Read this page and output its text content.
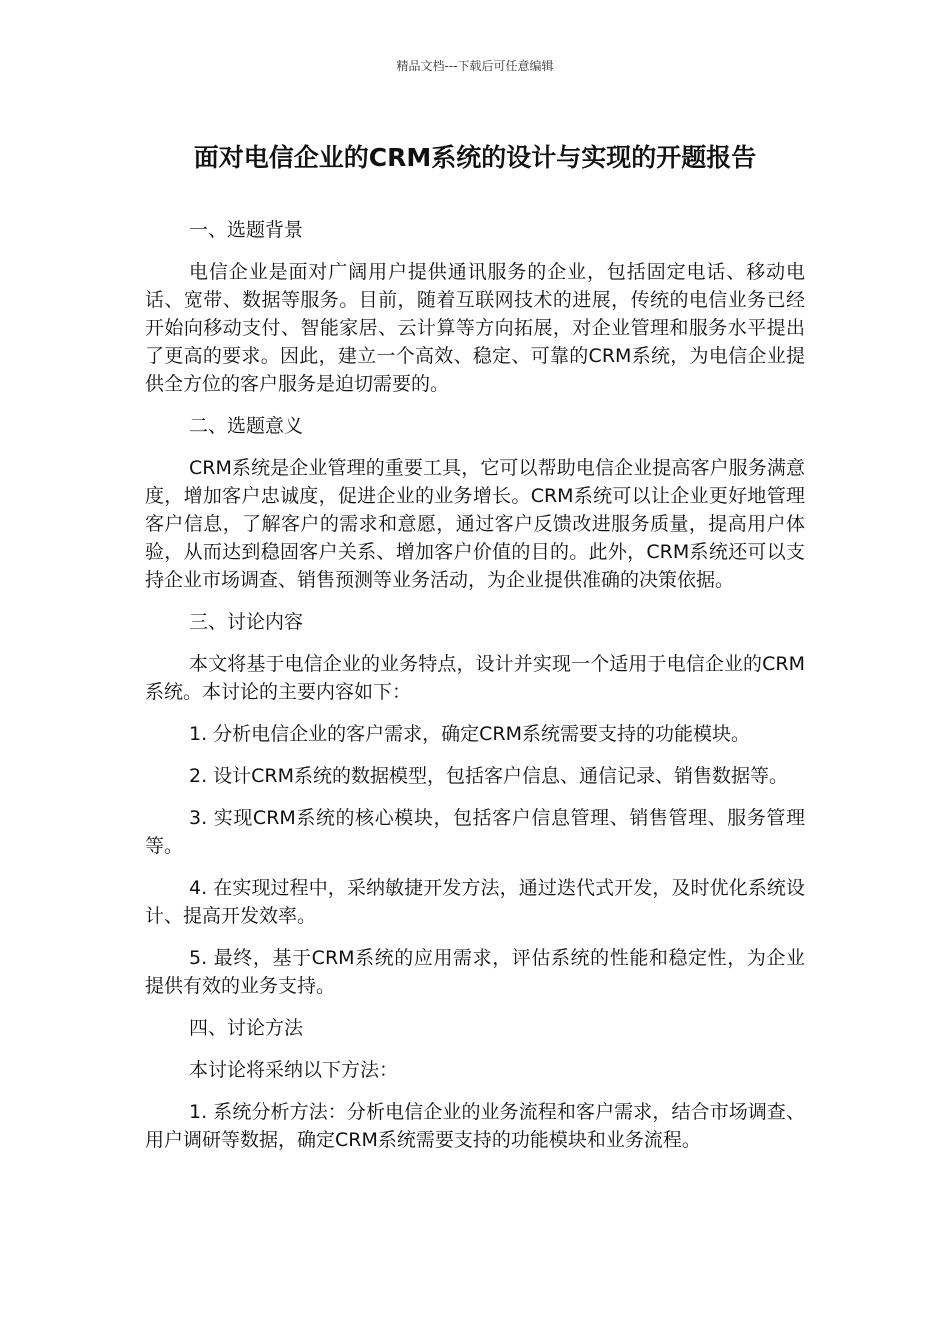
精品文档---下载后可任意编辑
面对电信企业的CRM系统的设计与实现的开题报告

一、选题背景

电信企业是面对广阔用户提供通讯服务的企业，包括固定电话、移动电话、宽带、数据等服务。目前，随着互联网技术的进展，传统的电信业务已经开始向移动支付、智能家居、云计算等方向拓展，对企业管理和服务水平提出了更高的要求。因此，建立一个高效、稳定、可靠的CRM系统，为电信企业提供全方位的客户服务是迫切需要的。

二、选题意义

CRM系统是企业管理的重要工具，它可以帮助电信企业提高客户服务满意度，增加客户忠诚度，促进企业的业务增长。CRM系统可以让企业更好地管理客户信息，了解客户的需求和意愿，通过客户反馈改进服务质量，提高用户体验，从而达到稳固客户关系、增加客户价值的目的。此外，CRM系统还可以支持企业市场调查、销售预测等业务活动，为企业提供准确的决策依据。

三、讨论内容

本文将基于电信企业的业务特点，设计并实现一个适用于电信企业的CRM系统。本讨论的主要内容如下：

1. 分析电信企业的客户需求，确定CRM系统需要支持的功能模块。

2. 设计CRM系统的数据模型，包括客户信息、通信记录、销售数据等。

3. 实现CRM系统的核心模块，包括客户信息管理、销售管理、服务管理等。

4. 在实现过程中，采纳敏捷开发方法，通过迭代式开发，及时优化系统设计、提高开发效率。

5. 最终，基于CRM系统的应用需求，评估系统的性能和稳定性，为企业提供有效的业务支持。

四、讨论方法

本讨论将采纳以下方法：

1. 系统分析方法：分析电信企业的业务流程和客户需求，结合市场调查、用户调研等数据，确定CRM系统需要支持的功能模块和业务流程。
